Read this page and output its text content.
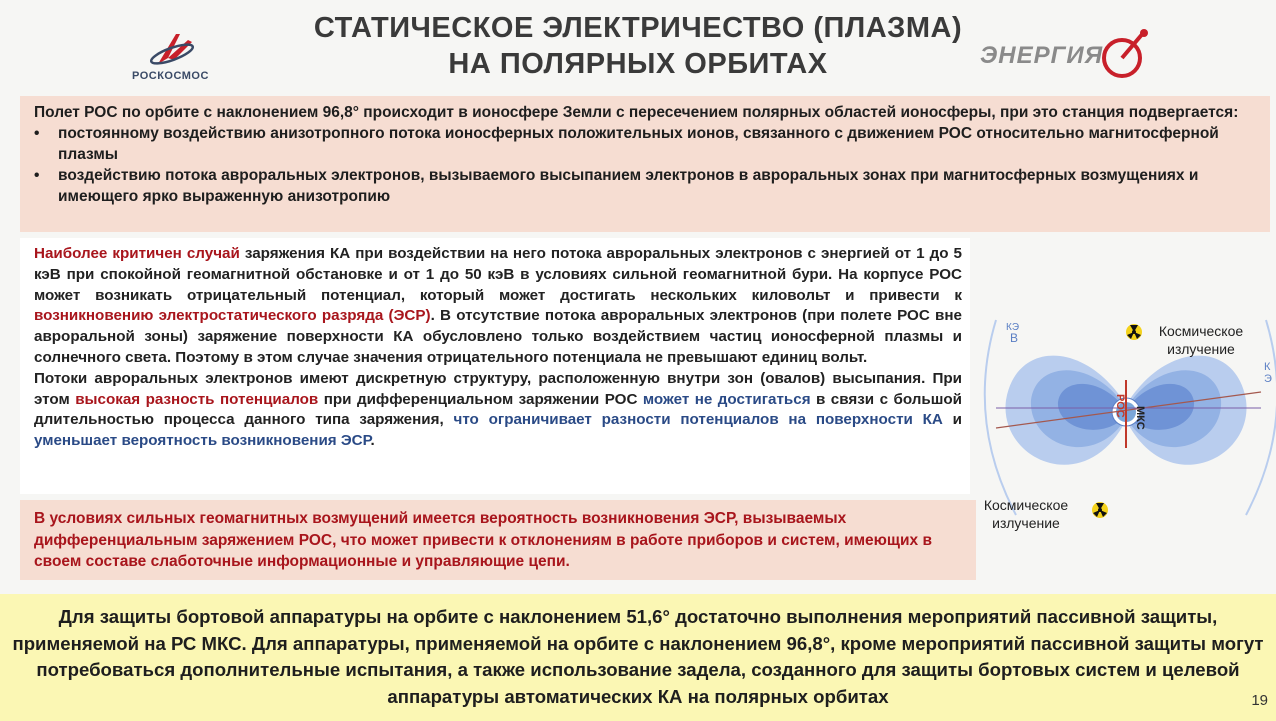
РОСКОСМОС
СТАТИЧЕСКОЕ ЭЛЕКТРИЧЕСТВО (ПЛАЗМА)
НА ПОЛЯРНЫХ ОРБИТАХ	ЭНЕРГИЯ

Полет РОС по орбите с наклонением 96,8° происходит в ионосфере Земли с пересечением полярных областей ионосферы, при это станция подвергается:

• постоянному воздействию анизотропного потока ионосферных положительных ионов, связанного с движением РОС относительно магнитосферной плазмы
• воздействию потока авроральных электронов, вызываемого высыпанием электронов в авроральных зонах при магнитосферных возмущениях и имеющего ярко выраженную анизотропию
Наиболее критичен случай заряжения КА при воздействии на него потока авроральных электронов с энергией от 1 до 5 кэВ при спокойной геомагнитной обстановке и от 1 до 50 кэВ в условиях сильной геомагнитной бури. На корпусе РОС может возникать отрицательный потенциал, который может достигать нескольких киловольт и привести к возникновению электростатического разряда (ЭСР). В отсутствие потока авроральных электронов (при полете РОС вне авроральной зоны) заряжение поверхности КА обусловлено только воздействием частиц ионосферной плазмы и солнечного света. Поэтому в этом случае значения отрицательного потенциала не превышают единиц вольт.
Потоки авроральных электронов имеют дискретную структуру, расположенную внутри зон (овалов) высыпания. При этом высокая разность потенциалов при дифференциальном заряжении РОС может не достигаться в связи с большой длительностью процесса данного типа заряжения, что ограничивает разности потенциалов на поверхности КА и уменьшает вероятность возникновения ЭСР.
КЭ
В
К
Э
РОС
МКС
Космическое
излучение
Космическое
излучение
В условиях сильных геомагнитных возмущений имеется вероятность возникновения ЭСР, вызываемых дифференциальным заряжением РОС, что может привести к отклонениям в работе приборов и систем, имеющих в своем составе слаботочные информационные и управляющие цепи.
Для защиты бортовой аппаратуры на орбите с наклонением 51,6° достаточно выполнения мероприятий пассивной защиты, применяемой на РС МКС. Для аппаратуры, применяемой на орбите с наклонением 96,8°, кроме мероприятий пассивной защиты могут потребоваться дополнительные испытания, а также использование задела, созданного для защиты бортовых систем и целевой аппаратуры автоматических КА на полярных орбитах	19
